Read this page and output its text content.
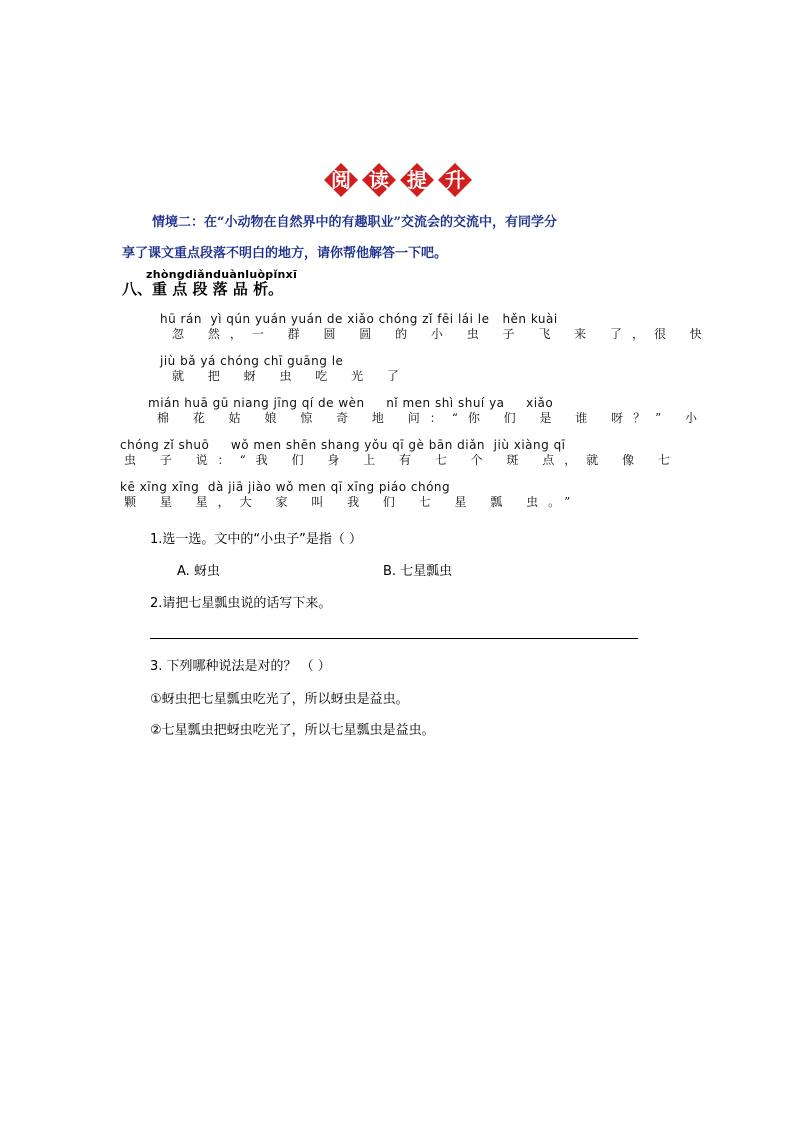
阅 读 提 升
情境二：在“小动物在自然界中的有趣职业”交流会的交流中，有同学分
享了课文重点段落不明白的地方，请你帮他解答一下吧。
zhòngdiǎnduànluòpǐnxī
八、重 点 段 落 品 析。
hū rán  yì qún yuán yuán de xiǎo chóng zǐ fēi lái le   hěn kuài
忽 然，一 群 圆 圆 的 小 虫 子 飞 来 了，很 快
jiù bǎ yá chóng chī guāng le
就 把 蚜 虫 吃 光 了
mián huā gū niang jīng qí de wèn     nǐ men shì shuí ya     xiǎo
棉 花 姑 娘 惊 奇 地 问：“你 们 是 谁 呀？” 小
chóng zǐ shuō     wǒ men shēn shang yǒu qī gè bān diǎn  jiù xiàng qī
虫 子 说：“我 们 身 上 有 七 个 斑 点，就 像 七
kē xīng xīng  dà jiā jiào wǒ men qī xīng piáo chóng
颗 星 星，大 家 叫 我 们 七 星 瓢 虫。”
1.选一选。文中的“小虫子”是指（ ）
A. 蚜虫	B. 七星瓢虫
2.请把七星瓢虫说的话写下来。
3. 下列哪种说法是对的？ （ ）
①蚜虫把七星瓢虫吃光了，所以蚜虫是益虫。
②七星瓢虫把蚜虫吃光了，所以七星瓢虫是益虫。
